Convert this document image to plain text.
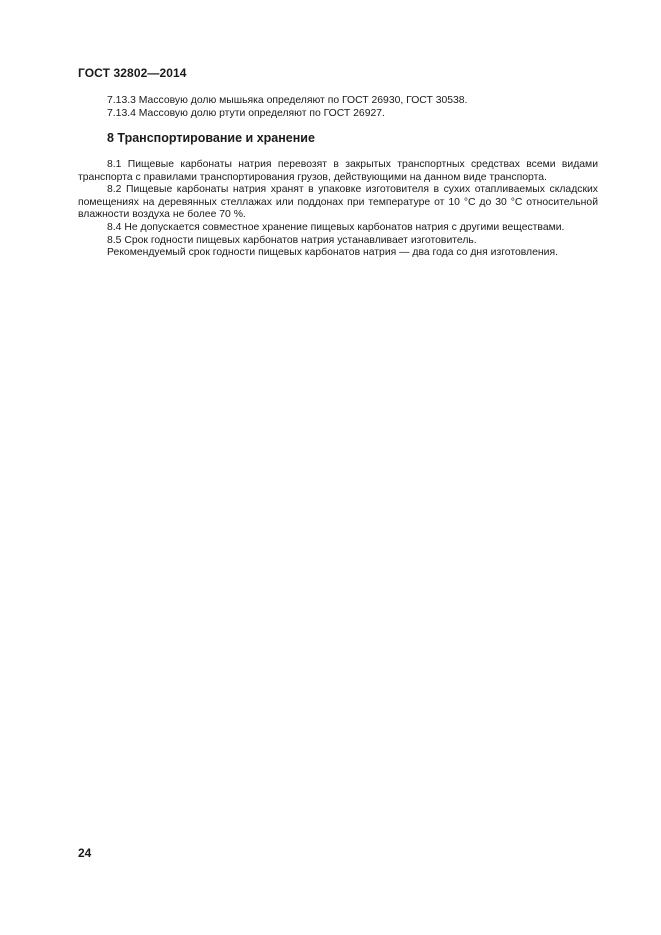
ГОСТ 32802—2014

7.13.3 Массовую долю мышьяка определяют по ГОСТ 26930, ГОСТ 30538.

7.13.4 Массовую долю ртути определяют по ГОСТ 26927.

8 Транспортирование и хранение

8.1 Пищевые карбонаты натрия перевозят в закрытых транспортных средствах всеми видами транспорта с правилами транспортирования грузов, действующими на данном виде транспорта.

8.2 Пищевые карбонаты натрия хранят в упаковке изготовителя в сухих отапливаемых складских помещениях на деревянных стеллажах или поддонах при температуре от 10 °С до 30 °С относительной влажности воздуха не более 70 %.

8.4 Не допускается совместное хранение пищевых карбонатов натрия с другими веществами.

8.5 Срок годности пищевых карбонатов натрия устанавливает изготовитель.

Рекомендуемый срок годности пищевых карбонатов натрия — два года со дня изготовления.

24
